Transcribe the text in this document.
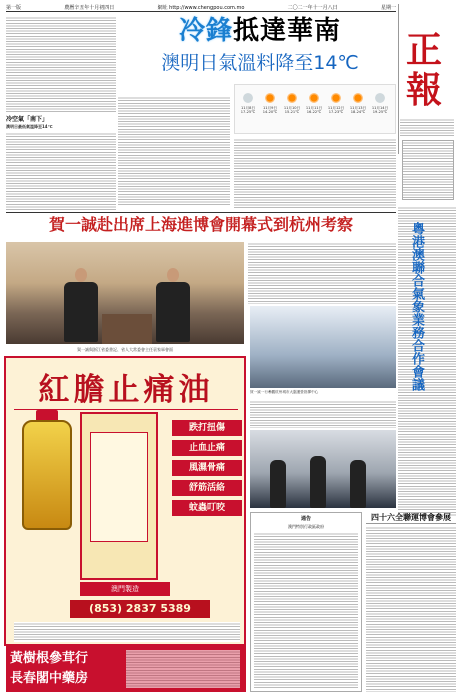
第一版	農曆辛丑年十月初四日	網址 http://www.chengpou.com.mo	二〇二一年十一月八日	星期一
冷空氣「南下」
澳明日最低氣溫降至14℃
冷鋒抵達華南
澳明日氣溫料降至14℃	正報
11月8日
17-25℃
11月9日
14-20℃
11月10日
15-21℃
11月11日
16-22℃
11月12日
17-23℃
11月13日
18-24℃
11月14日
19-25℃
賀一誠赴出席上海進博會開幕式到杭州考察
賀一誠與浙江省委書記、省人大常委會主任袁家軍會面
紅膽止痛油
跌打扭傷
止血止痛
風濕骨痛
舒筋活絡
蚊蟲叮咬
澳門製造
(853) 2837 5389
黃樹根參茸行
長春閣中藥房
賀一誠一行參觀杭州城市大腦運營指揮中心
粵港澳聯合氣象業務合作會議
通告
澳門特別行政區政府
四十六全聯運博會參展
